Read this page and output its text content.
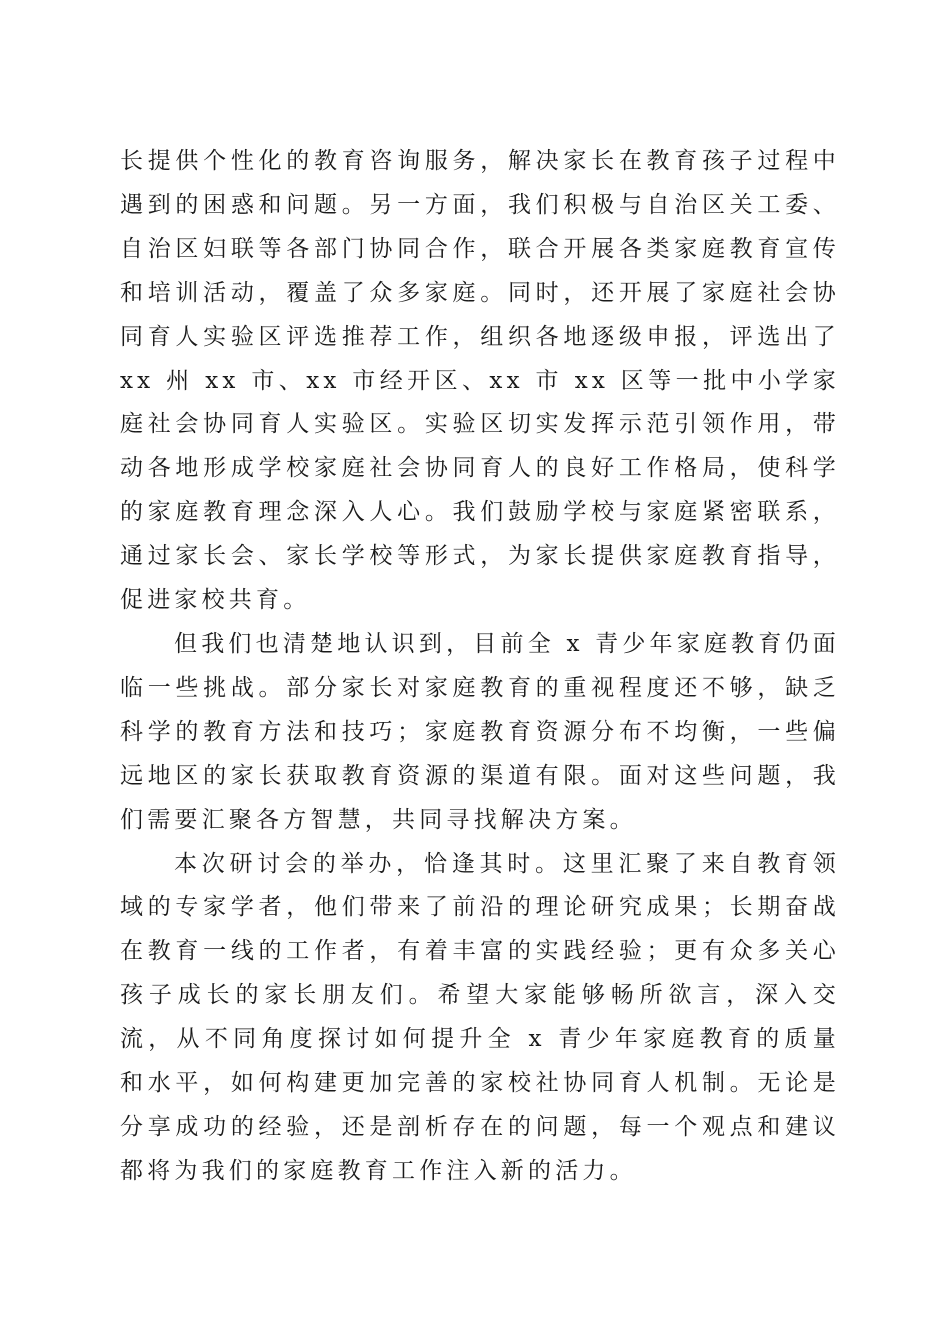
长提供个性化的教育咨询服务，解决家长在教育孩子过程中遇到的困惑和问题。另一方面，我们积极与自治区关工委、自治区妇联等各部门协同合作，联合开展各类家庭教育宣传和培训活动，覆盖了众多家庭。同时，还开展了家庭社会协同育人实验区评选推荐工作，组织各地逐级申报，评选出了 xx 州 xx 市、xx 市经开区、xx 市 xx 区等一批中小学家庭社会协同育人实验区。实验区切实发挥示范引领作用，带动各地形成学校家庭社会协同育人的良好工作格局，使科学的家庭教育理念深入人心。我们鼓励学校与家庭紧密联系，通过家长会、家长学校等形式，为家长提供家庭教育指导，促进家校共育。

但我们也清楚地认识到，目前全 x 青少年家庭教育仍面临一些挑战。部分家长对家庭教育的重视程度还不够，缺乏科学的教育方法和技巧；家庭教育资源分布不均衡，一些偏远地区的家长获取教育资源的渠道有限。面对这些问题，我们需要汇聚各方智慧，共同寻找解决方案。

本次研讨会的举办，恰逢其时。这里汇聚了来自教育领域的专家学者，他们带来了前沿的理论研究成果；长期奋战在教育一线的工作者，有着丰富的实践经验；更有众多关心孩子成长的家长朋友们。希望大家能够畅所欲言，深入交流，从不同角度探讨如何提升全 x 青少年家庭教育的质量和水平，如何构建更加完善的家校社协同育人机制。无论是分享成功的经验，还是剖析存在的问题，每一个观点和建议都将为我们的家庭教育工作注入新的活力。
